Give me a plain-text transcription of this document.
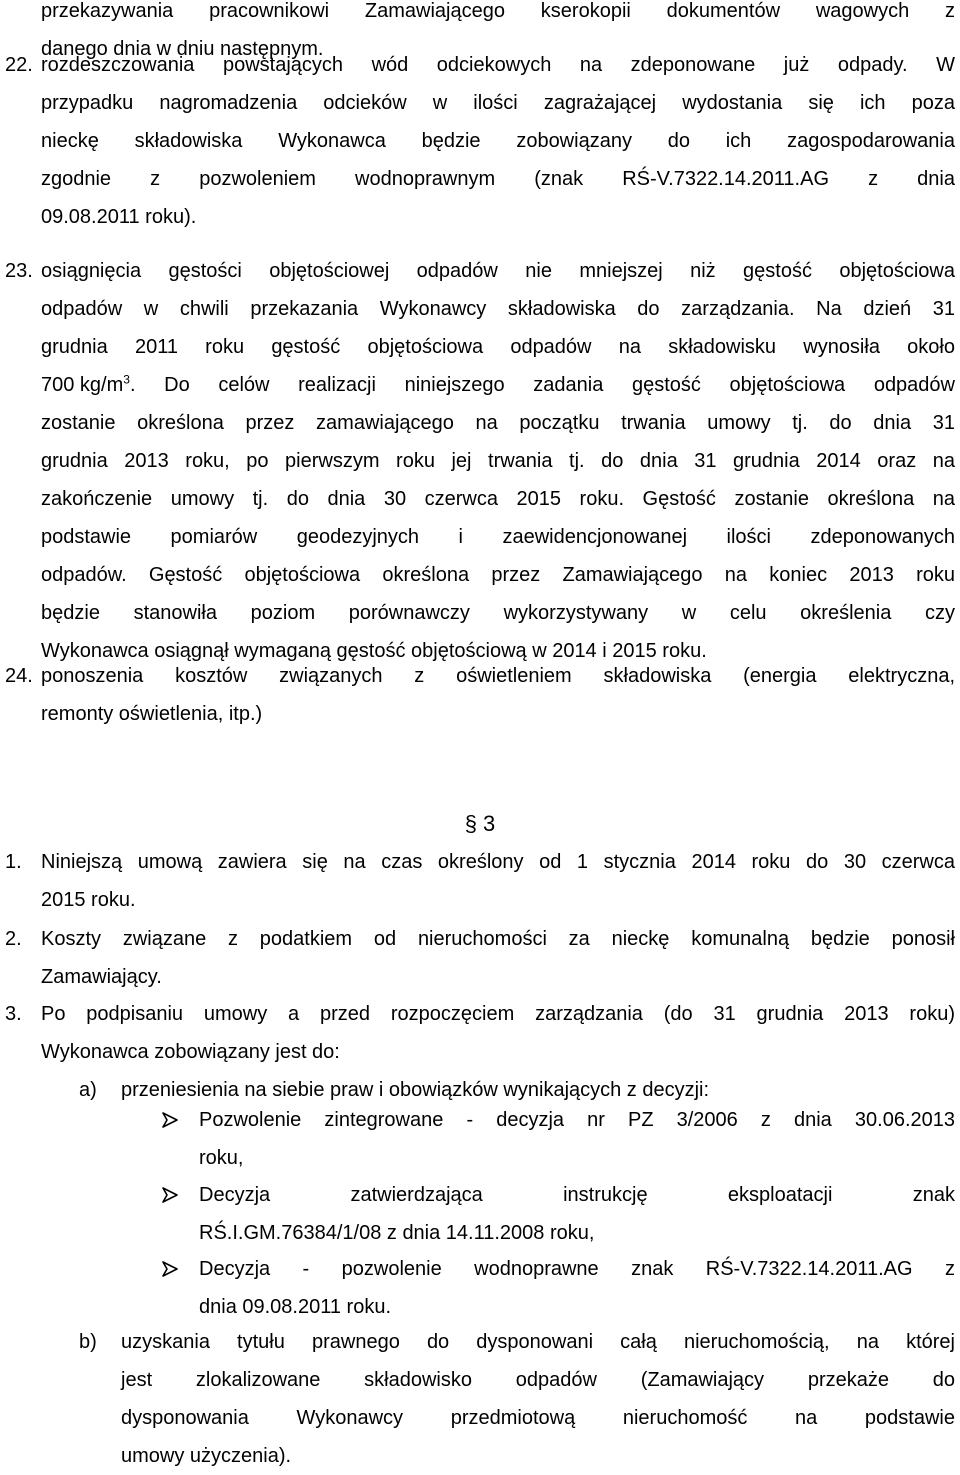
przekazywania pracownikowi Zamawiającego kserokopii dokumentów wagowych z
danego dnia w dniu następnym.
22. rozdeszczowania powstających wód odciekowych na zdeponowane już odpady. W
przypadku nagromadzenia odcieków w ilości zagrażającej wydostania się ich poza
nieckę składowiska Wykonawca będzie zobowiązany do ich zagospodarowania
zgodnie z pozwoleniem wodnoprawnym (znak RŚ-V.7322.14.2011.AG z dnia
09.08.2011 roku).
23. osiągnięcia gęstości objętościowej odpadów nie mniejszej niż gęstość objętościowa
odpadów w chwili przekazania Wykonawcy składowiska do zarządzania. Na dzień 31
grudnia 2011 roku gęstość objętościowa odpadów na składowisku wynosiła około
700 $kg/m^3$ . Do celów realizacji niniejszego zadania gęstość objętościowa odpadów
zostanie określona przez zamawiającego na początku trwania umowy tj. do dnia 31
grudnia 2013 roku, po pierwszym roku jej trwania tj. do dnia 31 grudnia 2014 oraz na
zakończenie umowy tj. do dnia 30 czerwca 2015 roku. Gęstość zostanie określona na
podstawie pomiarów geodezyjnych i zaewidencjonowanej ilości zdeponowanych
odpadów. Gęstość objętościowa określona przez Zamawiającego na koniec 2013 roku
będzie stanowiła poziom porównawczy wykorzystywany w celu określenia czy
Wykonawca osiągnął wymaganą gęstość objętościową w 2014 i 2015 roku.
24. ponoszenia kosztów związanych z oświetleniem składowiska (energia elektryczna,
remonty oświetlenia, itp.)
§ 3
1. Niniejszą umową zawiera się na czas określony od 1 stycznia 2014 roku do 30 czerwca
2015 roku.
2. Koszty związane z podatkiem od nieruchomości za nieckę komunalną będzie ponosił
Zamawiający.
3. Po podpisaniu umowy a przed rozpoczęciem zarządzania (do 31 grudnia 2013 roku)
Wykonawca zobowiązany jest do:
a) przeniesienia na siebie praw i obowiązków wynikających z decyzji:
Pozwolenie zintegrowane - decyzja nr PZ 3/2006 z dnia 30.06.2013
roku,
Decyzja zatwierdzająca instrukcję eksploatacji znak
RŚ.I.GM.76384/1/08 z dnia 14.11.2008 roku,
Decyzja - pozwolenie wodnoprawne znak RŚ-V.7322.14.2011.AG z
dnia 09.08.2011 roku.
b) uzyskania tytułu prawnego do dysponowani całą nieruchomością, na której
jest zlokalizowane składowisko odpadów (Zamawiający przekaże do
dysponowania Wykonawcy przedmiotową nieruchomość na podstawie
umowy użyczenia).
